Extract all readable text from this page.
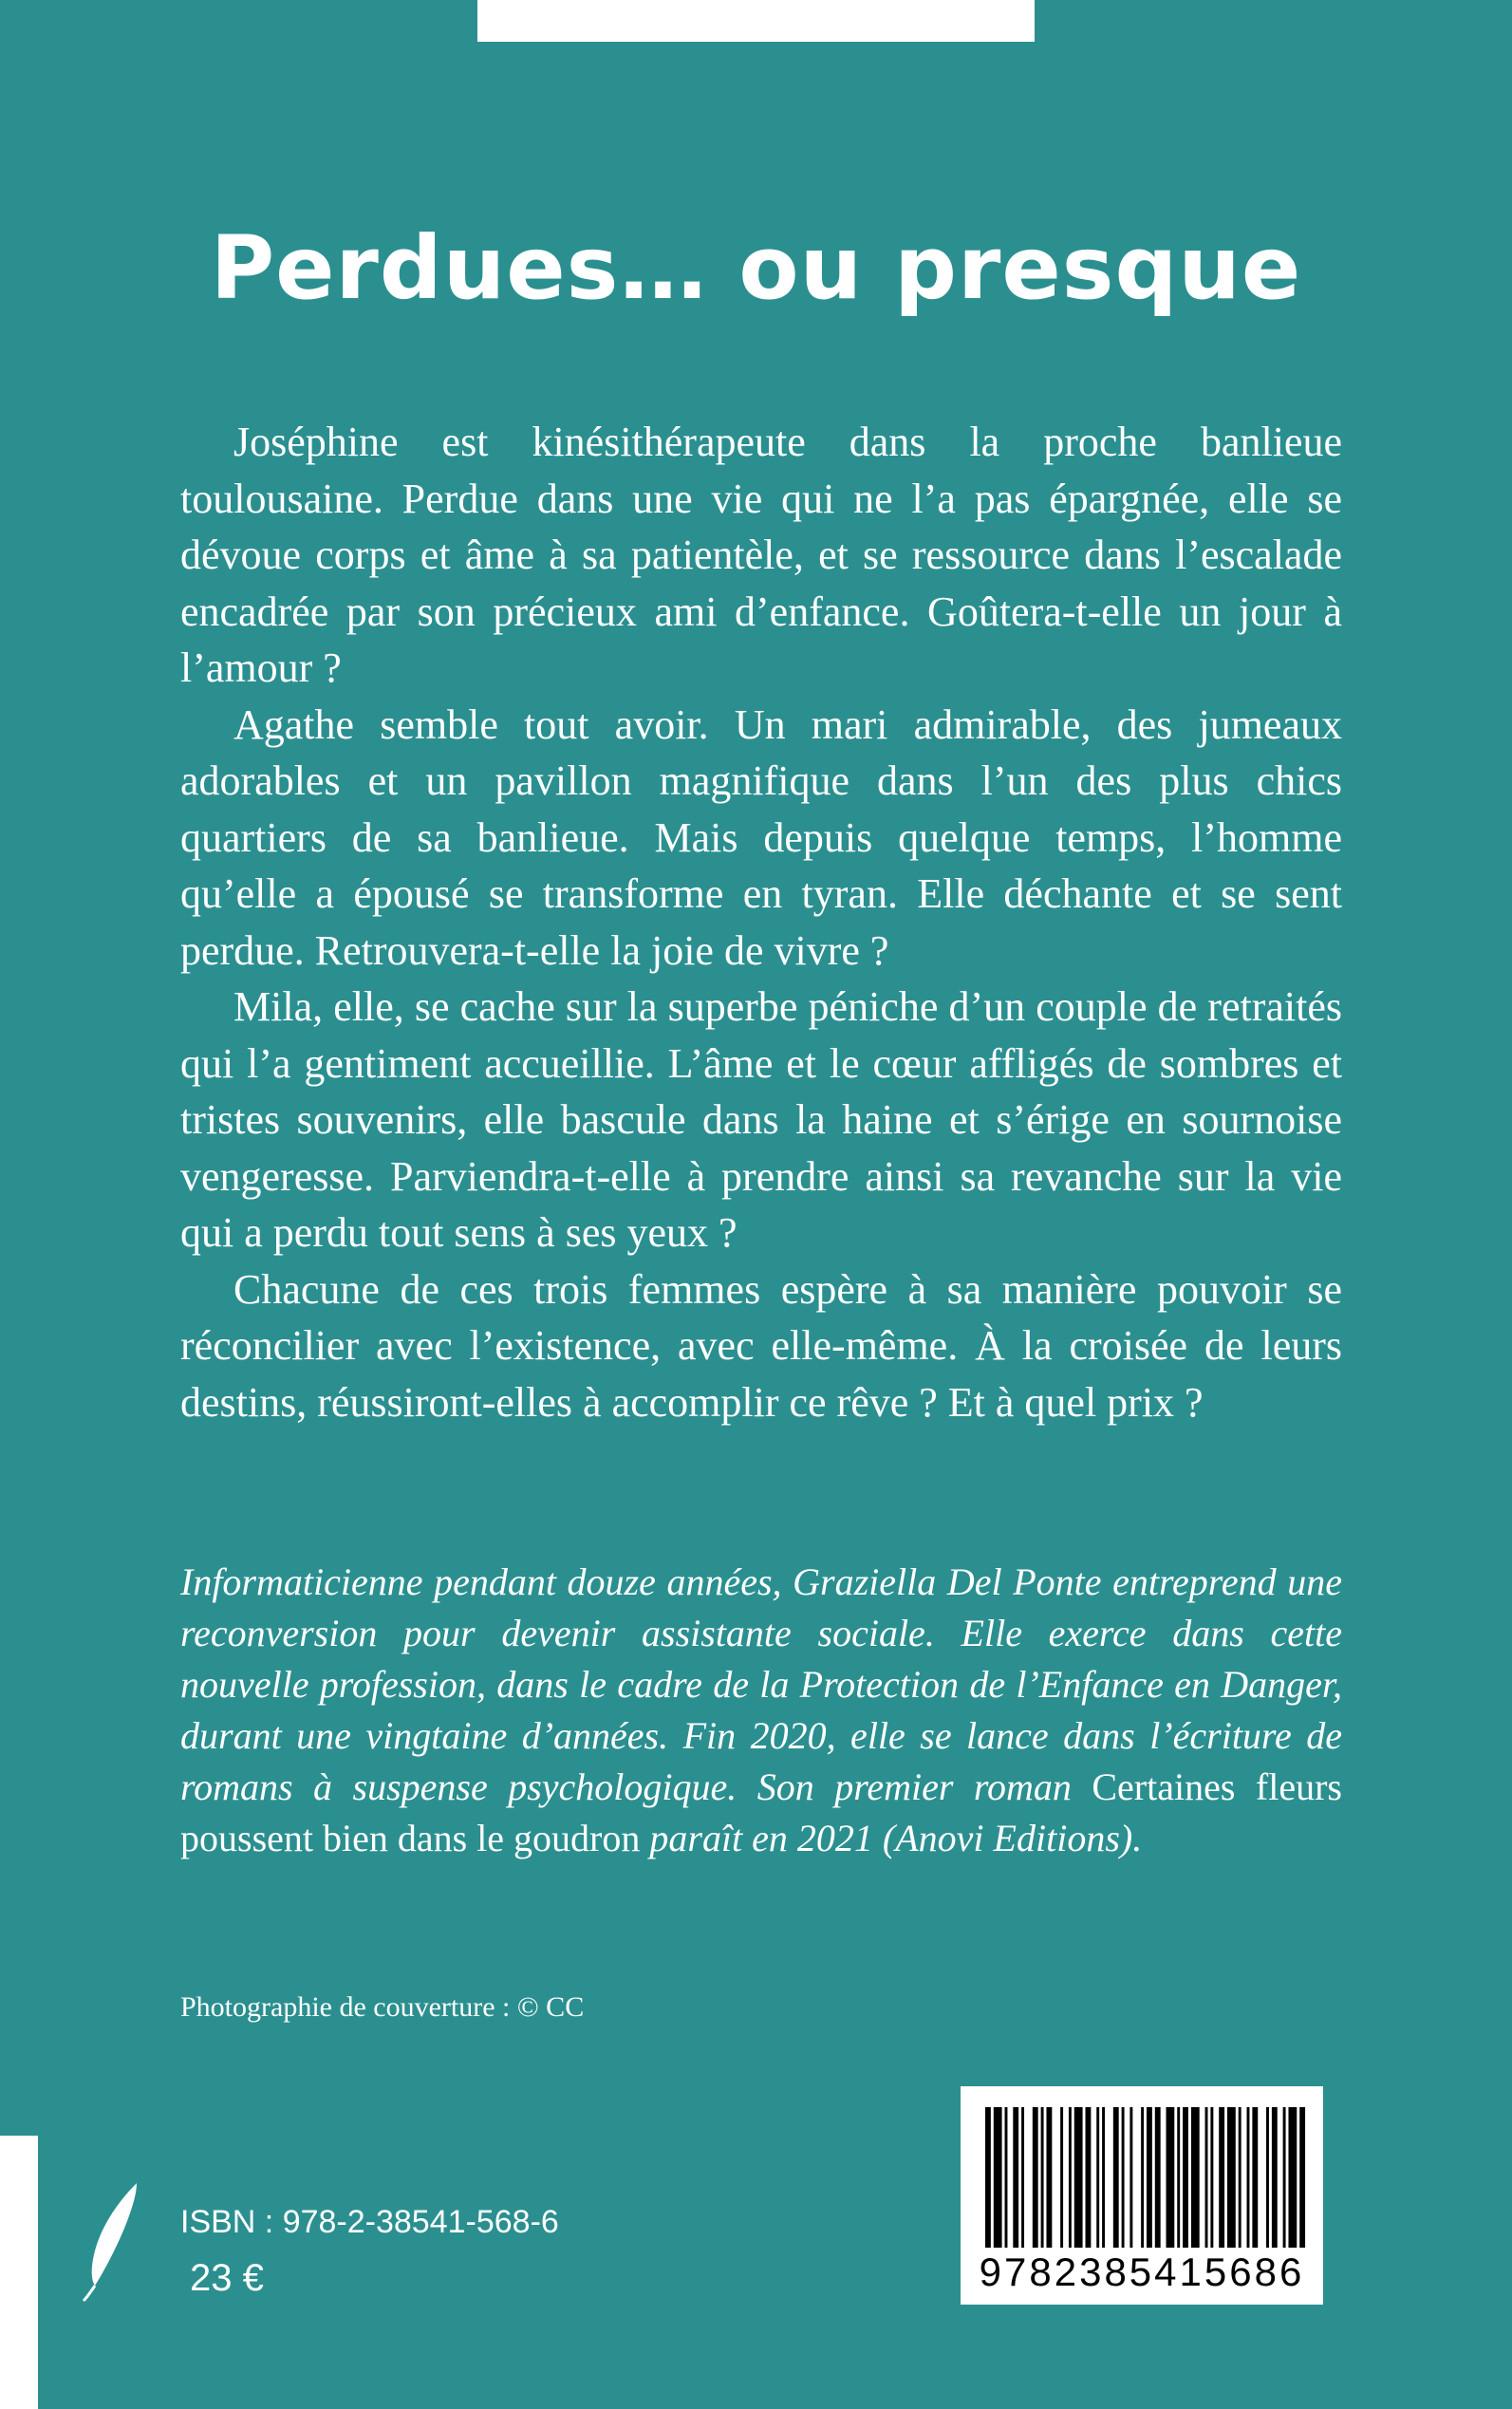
Perdues… ou presque

Joséphine est kinésithérapeute dans la proche banlieue toulousaine. Perdue dans une vie qui ne l’a pas épargnée, elle se dévoue corps et âme à sa patientèle, et se ressource dans l’escalade encadrée par son précieux ami d’enfance. Goûtera-t-elle un jour à l’amour ?

Agathe semble tout avoir. Un mari admirable, des jumeaux adorables et un pavillon magnifique dans l’un des plus chics quartiers de sa banlieue. Mais depuis quelque temps, l’homme qu’elle a épousé se transforme en tyran. Elle déchante et se sent perdue. Retrouvera-t-elle la joie de vivre ?

Mila, elle, se cache sur la superbe péniche d’un couple de retraités qui l’a gentiment accueillie. L’âme et le cœur affligés de sombres et tristes souvenirs, elle bascule dans la haine et s’érige en sournoise vengeresse. Parviendra-t-elle à prendre ainsi sa revanche sur la vie qui a perdu tout sens à ses yeux ?

Chacune de ces trois femmes espère à sa manière pouvoir se réconcilier avec l’existence, avec elle-même. À la croisée de leurs destins, réussiront-elles à accomplir ce rêve ? Et à quel prix ?

Informaticienne pendant douze années, Graziella Del Ponte entreprend une reconversion pour devenir assistante sociale. Elle exerce dans cette nouvelle profession, dans le cadre de la Protection de l’Enfance en Danger, durant une vingtaine d’années. Fin 2020, elle se lance dans l’écriture de romans à suspense psychologique. Son premier roman Certaines fleurs poussent bien dans le goudron paraît en 2021 (Anovi Editions).

Photographie de couverture : © CC

ISBN : 978-2-38541-568-6

23 €	9782385415686
